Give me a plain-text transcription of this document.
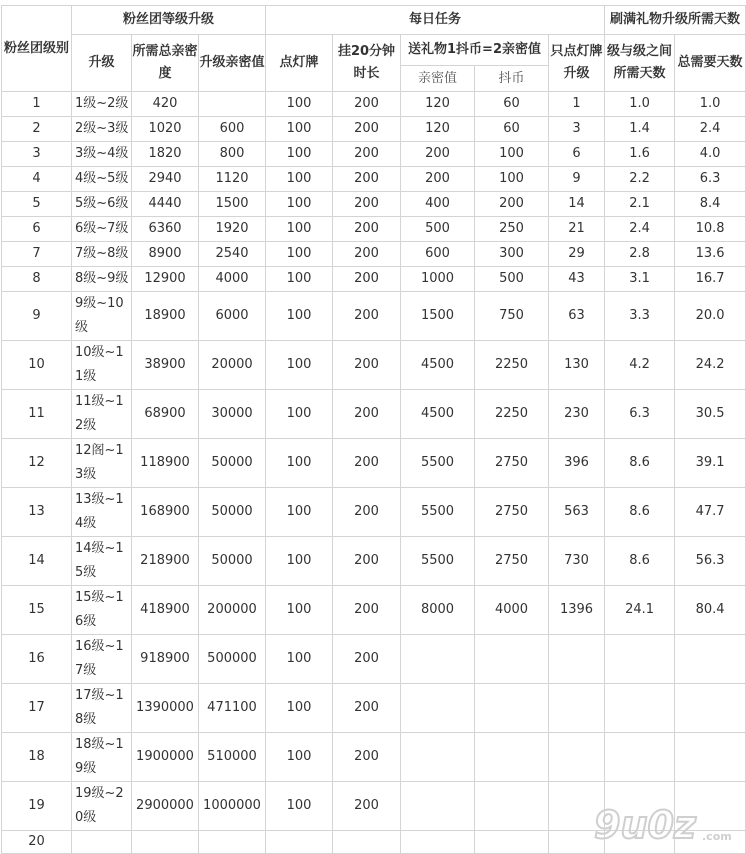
粉丝团级别	粉丝团等级升级			每日任务					刷满礼物升级所需天数	
	升级	所需总亲密度	升级亲密值	点灯牌	挂20分钟时长	送礼物1抖币=2亲密值		只点灯牌升级	级与级之间所需天数	总需要天数
						亲密值	抖币			
1	1级~2级	420		100	200	120	60	1	1.0	1.0
2	2级~3级	1020	600	100	200	120	60	3	1.4	2.4
3	3级~4级	1820	800	100	200	200	100	6	1.6	4.0
4	4级~5级	2940	1120	100	200	200	100	9	2.2	6.3
5	5级~6级	4440	1500	100	200	400	200	14	2.1	8.4
6	6级~7级	6360	1920	100	200	500	250	21	2.4	10.8
7	7级~8级	8900	2540	100	200	600	300	29	2.8	13.6
8	8级~9级	12900	4000	100	200	1000	500	43	3.1	16.7
9	9级~10级	18900	6000	100	200	1500	750	63	3.3	20.0
10	10级~11级	38900	20000	100	200	4500	2250	130	4.2	24.2
11	11级~12级	68900	30000	100	200	4500	2250	230	6.3	30.5
12	12阁~13级	118900	50000	100	200	5500	2750	396	8.6	39.1
13	13级~14级	168900	50000	100	200	5500	2750	563	8.6	47.7
14	14级~15级	218900	50000	100	200	5500	2750	730	8.6	56.3
15	15级~16级	418900	200000	100	200	8000	4000	1396	24.1	80.4
16	16级~17级	918900	500000	100	200					
17	17级~18级	1390000	471100	100	200					
18	18级~19级	1900000	510000	100	200					
19	19级~20级	2900000	1000000	100	200					
20											9u0z .com
